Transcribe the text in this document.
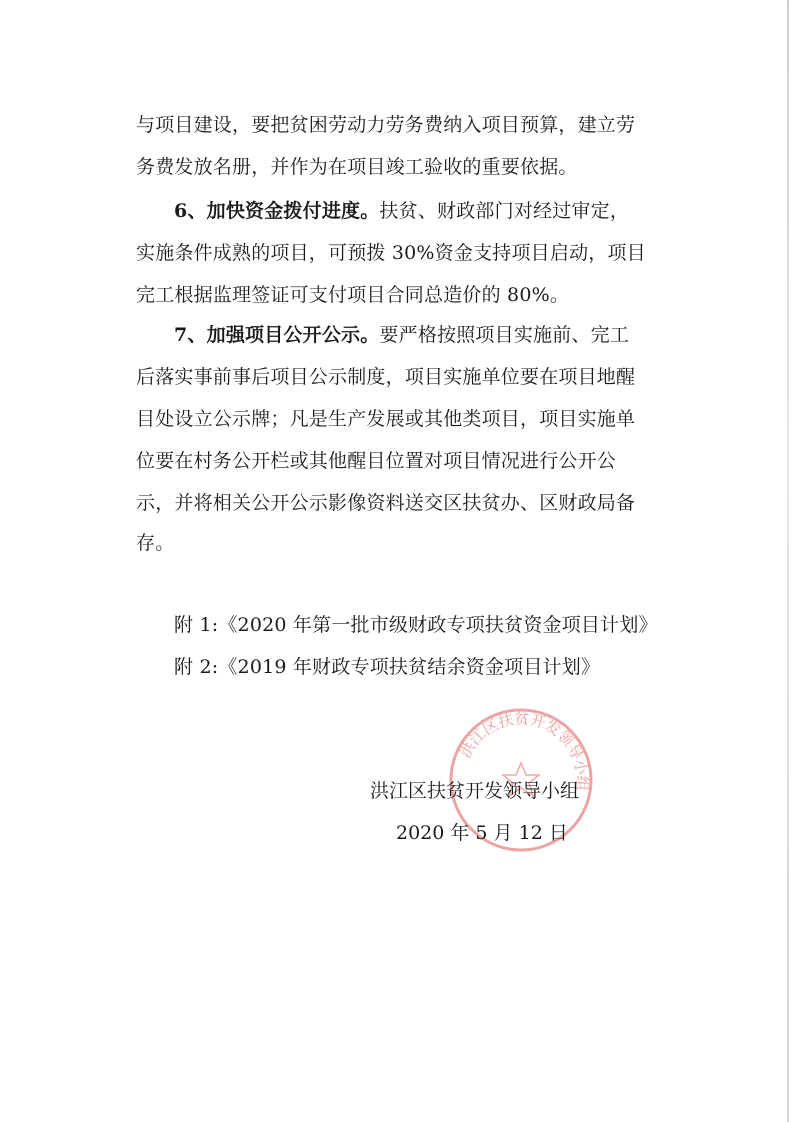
与项目建设，要把贫困劳动力劳务费纳入项目预算，建立劳
务费发放名册，并作为在项目竣工验收的重要依据。
6、加快资金拨付进度。扶贫、财政部门对经过审定，
实施条件成熟的项目，可预拨 30%资金支持项目启动，项目
完工根据监理签证可支付项目合同总造价的 80%。
7、加强项目公开公示。要严格按照项目实施前、完工
后落实事前事后项目公示制度，项目实施单位要在项目地醒
目处设立公示牌；凡是生产发展或其他类项目，项目实施单
位要在村务公开栏或其他醒目位置对项目情况进行公开公
示，并将相关公开公示影像资料送交区扶贫办、区财政局备
存。
附 1:《2020 年第一批市级财政专项扶贫资金项目计划》
附 2:《2019 年财政专项扶贫结余资金项目计划》
洪江区扶贫开发领导小组
洪江区扶贫开发领导小组
2020 年 5 月 12 日
